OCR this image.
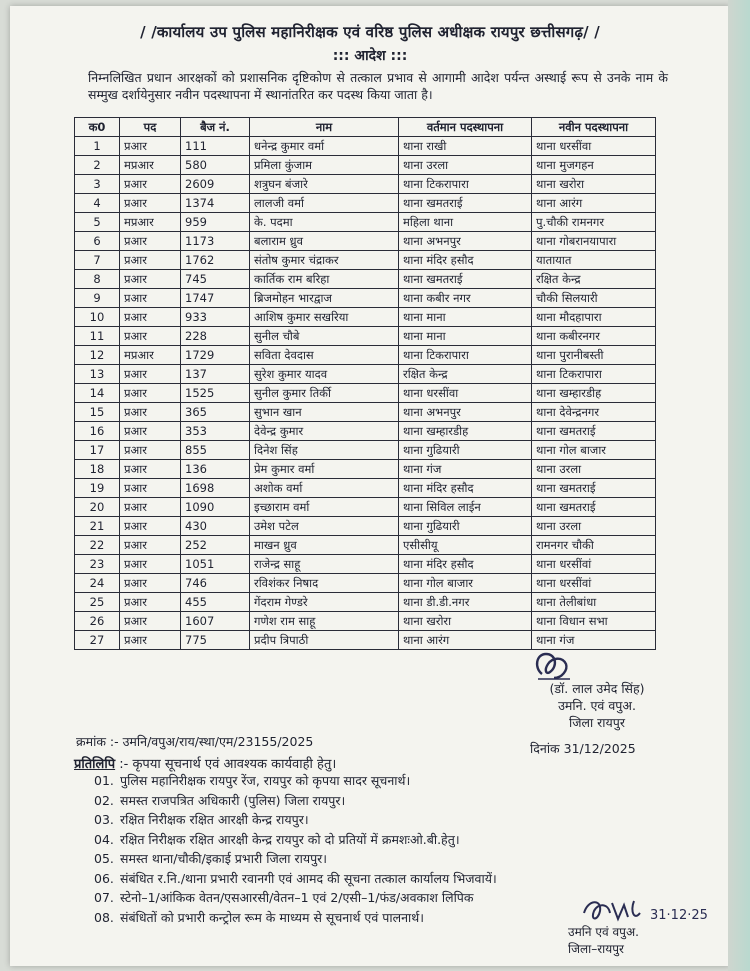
/ /कार्यालय उप पुलिस महानिरीक्षक एवं वरिष्ठ पुलिस अधीक्षक रायपुर छत्तीसगढ़/ /
::: आदेश :::
निम्नलिखित प्रधान आरक्षकों को प्रशासनिक दृष्टिकोण से तत्काल प्रभाव से आगामी आदेश पर्यन्त अस्थाई रूप से उनके नाम के सम्मुख दर्शायेनुसार नवीन पदस्थापना में स्थानांतरित कर पदस्थ किया जाता है।
क0	पद	बैज नं.	नाम	वर्तमान पदस्थापना	नवीन पदस्थापना
1	प्रआर	111	धनेन्द्र कुमार वर्मा	थाना राखी	थाना धरसींवा
2	मप्रआर	580	प्रमिला कुंजाम	थाना उरला	थाना मुजगहन
3	प्रआर	2609	शत्रुघन बंजारे	थाना टिकरापारा	थाना खरोरा
4	प्रआर	1374	लालजी वर्मा	थाना खमतराई	थाना आरंग
5	मप्रआर	959	के. पदमा	महिला थाना	पु.चौकी रामनगर
6	प्रआर	1173	बलाराम ध्रुव	थाना अभनपुर	थाना गोबरानयापारा
7	प्रआर	1762	संतोष कुमार चंद्राकर	थाना मंदिर हसौद	यातायात
8	प्रआर	745	कार्तिक राम बरिहा	थाना खमतराई	रक्षित केन्द्र
9	प्रआर	1747	ब्रिजमोहन भारद्वाज	थाना कबीर नगर	चौकी सिलयारी
10	प्रआर	933	आशिष कुमार सखरिया	थाना माना	थाना मौदहापारा
11	प्रआर	228	सुनील चौबे	थाना माना	थाना कबीरनगर
12	मप्रआर	1729	सविता देवदास	थाना टिकरापारा	थाना पुरानीबस्ती
13	प्रआर	137	सुरेश कुमार यादव	रक्षित केन्द्र	थाना टिकरापारा
14	प्रआर	1525	सुनील कुमार तिर्की	थाना धरसींवा	थाना खम्हारडीह
15	प्रआर	365	सुभान खान	थाना अभनपुर	थाना देवेन्द्रनगर
16	प्रआर	353	देवेन्द्र कुमार	थाना खम्हारडीह	थाना खमतराई
17	प्रआर	855	दिनेश सिंह	थाना गुढियारी	थाना गोल बाजार
18	प्रआर	136	प्रेम कुमार वर्मा	थाना गंज	थाना उरला
19	प्रआर	1698	अशोक वर्मा	थाना मंदिर हसौद	थाना खमतराई
20	प्रआर	1090	इच्छाराम वर्मा	थाना सिविल लाईन	थाना खमतराई
21	प्रआर	430	उमेश पटेल	थाना गुढियारी	थाना उरला
22	प्रआर	252	माखन ध्रुव	एसीसीयू	रामनगर चौकी
23	प्रआर	1051	राजेन्द्र साहू	थाना मंदिर हसौद	थाना धरसींवां
24	प्रआर	746	रविशंकर निषाद	थाना गोल बाजार	थाना धरसींवां
25	प्रआर	455	गेंदराम गेण्डरे	थाना डी.डी.नगर	थाना तेलीबांधा
26	प्रआर	1607	गणेश राम साहू	थाना खरोरा	थाना विधान सभा
27	प्रआर	775	प्रदीप त्रिपाठी	थाना आरंग	थाना गंज
(डॉ. लाल उमेद सिंह)
उमनि. एवं वपुअ.
जिला रायपुर
क्रमांक :- उमनि/वपुअ/राय/स्था/एम/23155/2025	दिनांक 31/12/2025
प्रतिलिपि :- कृपया सूचनार्थ एवं आवश्यक कार्यवाही हेतु।
01. पुलिस महानिरीक्षक रायपुर रेंज, रायपुर को कृपया सादर सूचनार्थ।
02. समस्त राजपत्रित अधिकारी (पुलिस) जिला रायपुर।
03. रक्षित निरीक्षक रक्षित आरक्षी केन्द्र रायपुर।
04. रक्षित निरीक्षक रक्षित आरक्षी केन्द्र रायपुर को दो प्रतियों में क्रमशःओ.बी.हेतु।
05. समस्त थाना/चौकी/इकाई प्रभारी जिला रायपुर।
06. संबंधित र.नि./थाना प्रभारी रवानगी एवं आमद की सूचना तत्काल कार्यालय भिजवायें।
07. स्टेनो–1/आंकिक वेतन/एसआरसी/वेतन–1 एवं 2/एसी–1/फंड/अवकाश लिपिक
08. संबंधितों को प्रभारी कन्ट्रोल रूम के माध्यम से सूचनार्थ एवं पालनार्थ।	31·12·25
उमनि एवं वपुअ.
जिला–रायपुर
